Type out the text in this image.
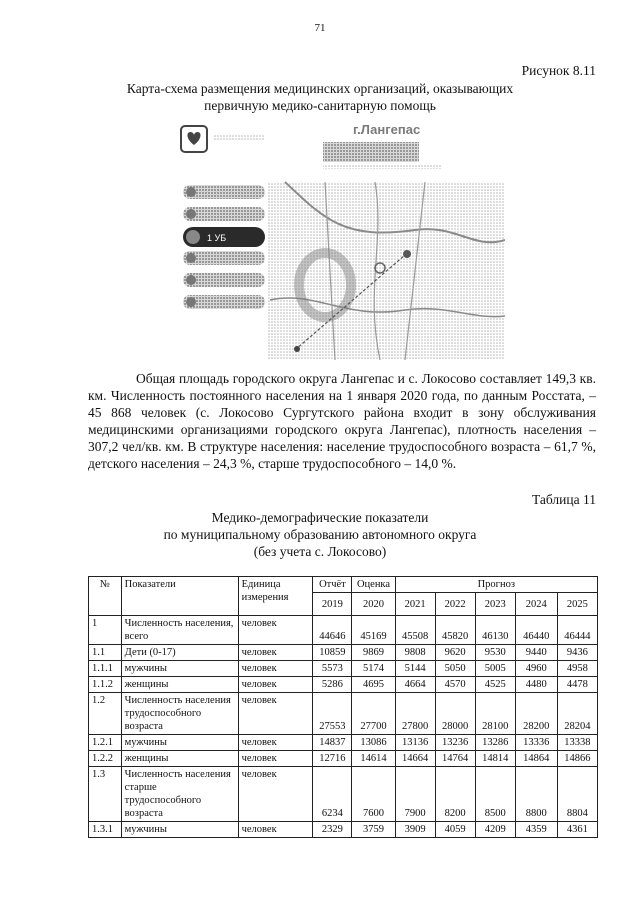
71
Рисунок 8.11
Карта-схема размещения медицинских организаций, оказывающих
первичную медико-санитарную помощь
г.Лангепас
1 УБ

Общая площадь городского округа Лангепас и с. Локосово составляет 149,3 кв. км. Численность постоянного населения на 1 января 2020 года, по данным Росстата, – 45 868 человек (с. Локосово Сургутского района входит в зону обслуживания медицинскими организациями городского округа Лангепас), плотность населения – 307,2 чел/кв. км. В структуре населения: население трудоспособного возраста – 61,7 %, детского населения – 24,3 %, старше трудоспособного – 14,0 %.

Таблица 11
Медико-демографические показатели
по муниципальному образованию автономного округа
(без учета с. Локосово)
№	Показатели	Единица измерения	Отчёт	Оценка	Прогноз				
			2019	2020	2021	2022	2023	2024	2025
1	Численность населения, всего	человек	44646	45169	45508	45820	46130	46440	46444
1.1	Дети (0-17)	человек	10859	9869	9808	9620	9530	9440	9436
1.1.1	мужчины	человек	5573	5174	5144	5050	5005	4960	4958
1.1.2	женщины	человек	5286	4695	4664	4570	4525	4480	4478
1.2	Численность населения трудоспособного возраста	человек	27553	27700	27800	28000	28100	28200	28204
1.2.1	мужчины	человек	14837	13086	13136	13236	13286	13336	13338
1.2.2	женщины	человек	12716	14614	14664	14764	14814	14864	14866
1.3	Численность населения старше трудоспособного возраста	человек	6234	7600	7900	8200	8500	8800	8804
1.3.1	мужчины	человек	2329	3759	3909	4059	4209	4359	4361
